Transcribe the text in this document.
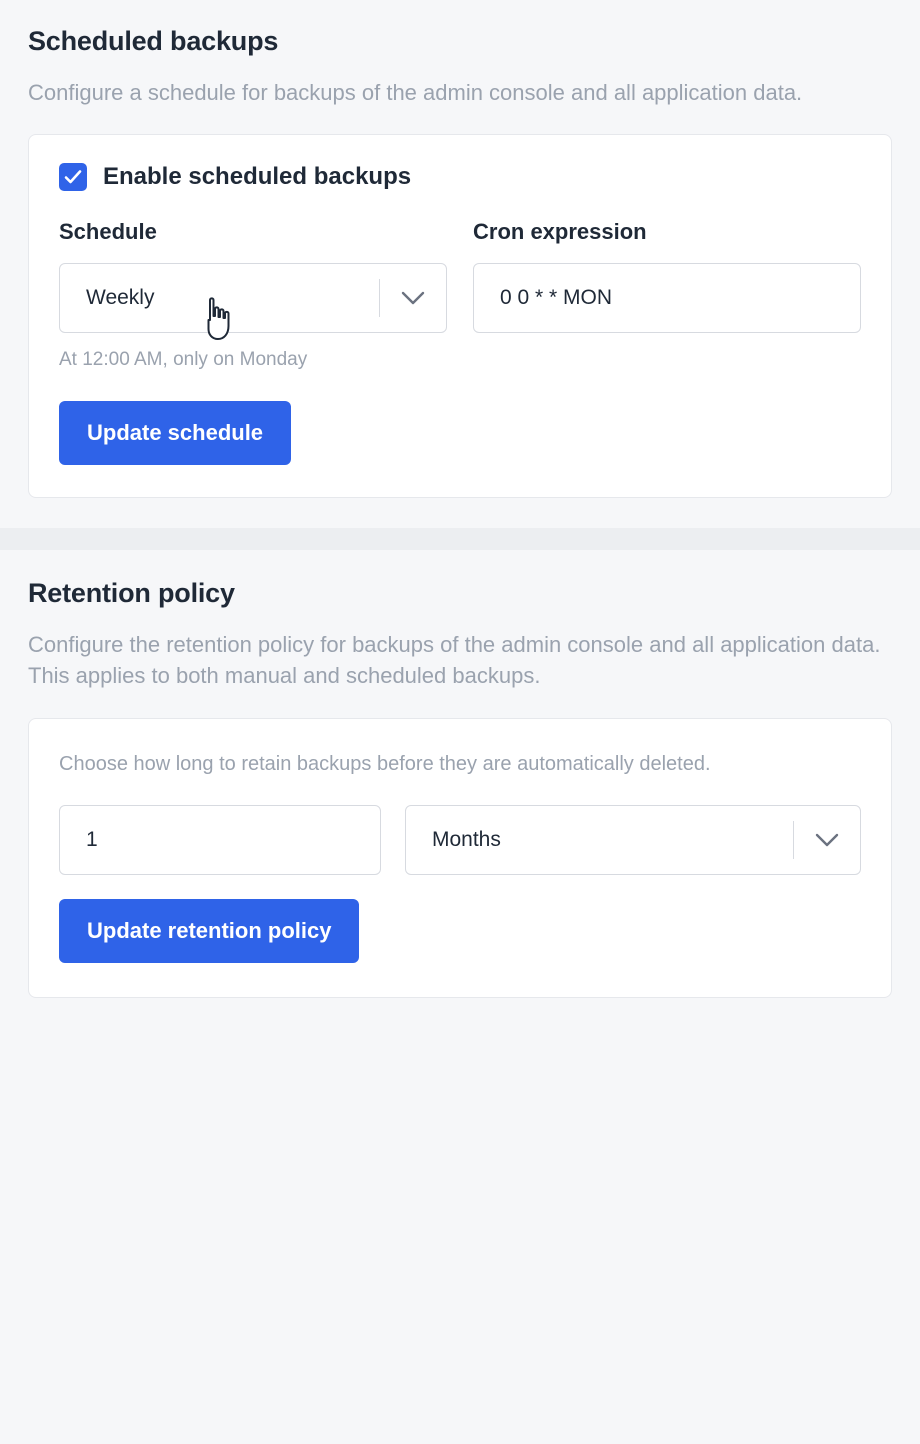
Scheduled backups

Configure a schedule for backups of the admin console and all application data.

Enable scheduled backups
Schedule
Weekly
At 12:00 AM, only on Monday
Cron expression
0 0 * * MON
Update schedule
Retention policy

Configure the retention policy for backups of the admin console and all application data. This applies to both manual and scheduled backups.

Choose how long to retain backups before they are automatically deleted.

1	Months
Update retention policy
